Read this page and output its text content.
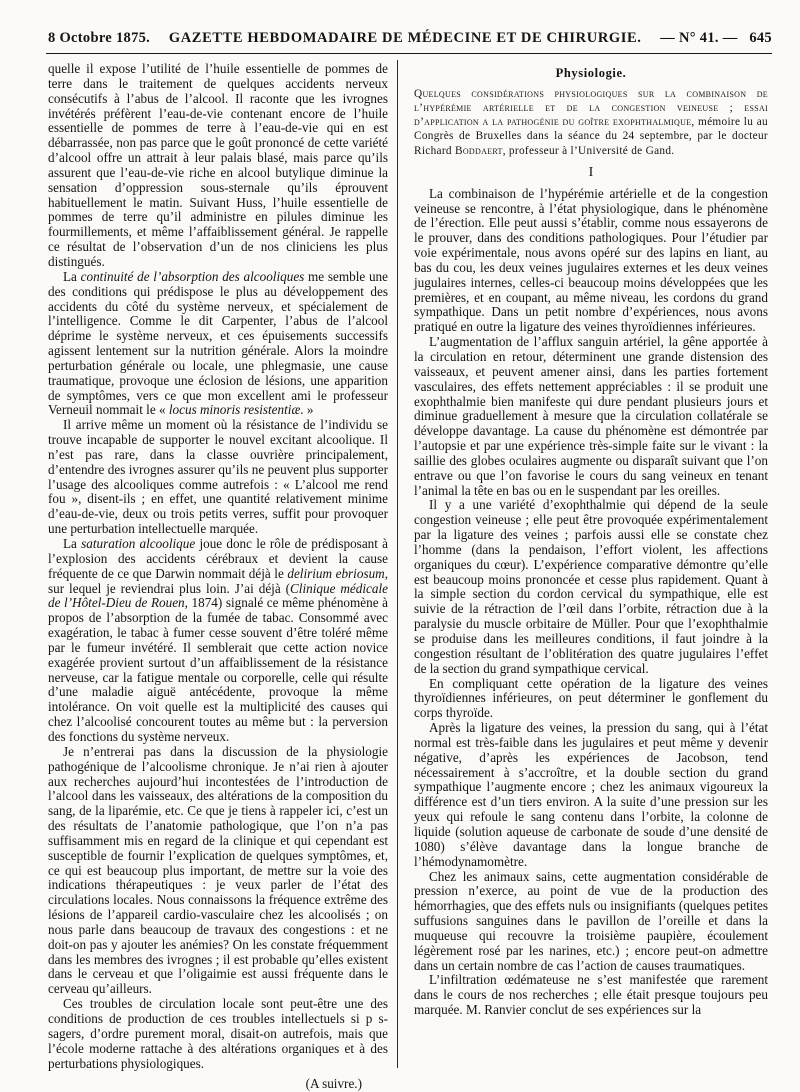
8 Octobre 1875. GAZETTE HEBDOMADAIRE DE MÉDECINE ET DE CHIRURGIE. — N° 41. — 645

quelle il expose l’utilité de l’huile essentielle de pommes de terre dans le traitement de quelques accidents nerveux consécutifs à l’abus de l’alcool. Il raconte que les ivrognes invétérés préfèrent l’eau-de-vie contenant encore de l’huile essentielle de pommes de terre à l’eau-de-vie qui en est débarrassée, non pas parce que le goût prononcé de cette variété d’alcool offre un attrait à leur palais blasé, mais parce qu’ils assurent que l’eau-de-vie riche en alcool butylique diminue la sensation d’oppression sous-sternale qu’ils éprouvent habituellement le matin. Suivant Huss, l’huile essentielle de pommes de terre qu’il administre en pilules diminue les fourmillements, et même l’affaiblissement général. Je rappelle ce résultat de l’observation d’un de nos cliniciens les plus distingués.

La continuité de l’absorption des alcooliques me semble une des conditions qui prédispose le plus au développement des accidents du côté du système nerveux, et spécialement de l’intelligence. Comme le dit Carpenter, l’abus de l’alcool déprime le système nerveux, et ces épuisements successifs agissent lentement sur la nutrition générale. Alors la moindre perturbation générale ou locale, une phlegmasie, une cause traumatique, provoque une éclosion de lésions, une apparition de symptômes, vers ce que mon excellent ami le professeur Verneuil nommait le « locus minoris resistentiæ. »

Il arrive même un moment où la résistance de l’individu se trouve incapable de supporter le nouvel excitant alcoolique. Il n’est pas rare, dans la classe ouvrière principalement, d’entendre des ivrognes assurer qu’ils ne peuvent plus supporter l’usage des alcooliques comme autrefois : « L’alcool me rend fou », disent-ils ; en effet, une quantité relativement minime d’eau-de-vie, deux ou trois petits verres, suffit pour provoquer une perturbation intellectuelle marquée.

La saturation alcoolique joue donc le rôle de prédisposant à l’explosion des accidents cérébraux et devient la cause fréquente de ce que Darwin nommait déjà le delirium ebriosum, sur lequel je reviendrai plus loin. J’ai déjà (Clinique médicale de l’Hôtel-Dieu de Rouen, 1874) signalé ce même phénomène à propos de l’absorption de la fumée de tabac. Consommé avec exagération, le tabac à fumer cesse souvent d’être toléré même par le fumeur invétéré. Il semblerait que cette action novice exagérée provient surtout d’un affaiblissement de la résistance nerveuse, car la fatigue mentale ou corporelle, celle qui résulte d’une maladie aiguë antécédente, provoque la même intolérance. On voit quelle est la multiplicité des causes qui chez l’alcoolisé concourent toutes au même but : la perversion des fonctions du système nerveux.

Je n’entrerai pas dans la discussion de la physiologie pathogénique de l’alcoolisme chronique. Je n’ai rien à ajouter aux recherches aujourd’hui incontestées de l’introduction de l’alcool dans les vaisseaux, des altérations de la composition du sang, de la liparémie, etc. Ce que je tiens à rappeler ici, c’est un des résultats de l’anatomie pathologique, que l’on n’a pas suffisamment mis en regard de la clinique et qui cependant est susceptible de fournir l’explication de quelques symptômes, et, ce qui est beaucoup plus important, de mettre sur la voie des indications thérapeutiques : je veux parler de l’état des circulations locales. Nous connaissons la fréquence extrême des lésions de l’appareil cardio-vasculaire chez les alcoolisés ; on nous parle dans beaucoup de travaux des congestions : et ne doit-on pas y ajouter les anémies? On les constate fréquemment dans les membres des ivrognes ; il est probable qu’elles existent dans le cerveau et que l’oligaimie est aussi fréquente dans le cerveau qu’ailleurs.

Ces troubles de circulation locale sont peut-être une des conditions de production de ces troubles intellectuels si p s-sagers, d’ordre purement moral, disait-on autrefois, mais que l’école moderne rattache à des altérations organiques et à des perturbations physiologiques.

(A suivre.)
Physiologie.
Quelques considérations physiologiques sur la combinaison de l’hypérémie artérielle et de la congestion veineuse ; essai d’application a la pathogénie du goître exophthalmique, mémoire lu au Congrès de Bruxelles dans la séance du 24 septembre, par le docteur Richard Boddaert, professeur à l’Université de Gand.
I

La combinaison de l’hypérémie artérielle et de la congestion veineuse se rencontre, à l’état physiologique, dans le phénomène de l’érection. Elle peut aussi s’établir, comme nous essayerons de le prouver, dans des conditions pathologiques. Pour l’étudier par voie expérimentale, nous avons opéré sur des lapins en liant, au bas du cou, les deux veines jugulaires externes et les deux veines jugulaires internes, celles-ci beaucoup moins développées que les premières, et en coupant, au même niveau, les cordons du grand sympathique. Dans un petit nombre d’expériences, nous avons pratiqué en outre la ligature des veines thyroïdiennes inférieures.

L’augmentation de l’afflux sanguin artériel, la gêne apportée à la circulation en retour, déterminent une grande distension des vaisseaux, et peuvent amener ainsi, dans les parties fortement vasculaires, des effets nettement appréciables : il se produit une exophthalmie bien manifeste qui dure pendant plusieurs jours et diminue graduellement à mesure que la circulation collatérale se développe davantage. La cause du phénomène est démontrée par l’autopsie et par une expérience très-simple faite sur le vivant : la saillie des globes oculaires augmente ou disparaît suivant que l’on entrave ou que l’on favorise le cours du sang veineux en tenant l’animal la tête en bas ou en le suspendant par les oreilles.

Il y a une variété d’exophthalmie qui dépend de la seule congestion veineuse ; elle peut être provoquée expérimentalement par la ligature des veines ; parfois aussi elle se constate chez l’homme (dans la pendaison, l’effort violent, les affections organiques du cœur). L’expérience comparative démontre qu’elle est beaucoup moins prononcée et cesse plus rapidement. Quant à la simple section du cordon cervical du sympathique, elle est suivie de la rétraction de l’œil dans l’orbite, rétraction due à la paralysie du muscle orbitaire de Müller. Pour que l’exophthalmie se produise dans les meilleures conditions, il faut joindre à la congestion résultant de l’oblitération des quatre jugulaires l’effet de la section du grand sympathique cervical.

En compliquant cette opération de la ligature des veines thyroïdiennes inférieures, on peut déterminer le gonflement du corps thyroïde.

Après la ligature des veines, la pression du sang, qui à l’état normal est très-faible dans les jugulaires et peut même y devenir négative, d’après les expériences de Jacobson, tend nécessairement à s’accroître, et la double section du grand sympathique l’augmente encore ; chez les animaux vigoureux la différence est d’un tiers environ. A la suite d’une pression sur les yeux qui refoule le sang contenu dans l’orbite, la colonne de liquide (solution aqueuse de carbonate de soude d’une densité de 1080) s’élève davantage dans la longue branche de l’hémodynamomètre.

Chez les animaux sains, cette augmentation considérable de pression n’exerce, au point de vue de la production des hémorrhagies, que des effets nuls ou insignifiants (quelques petites suffusions sanguines dans le pavillon de l’oreille et dans la muqueuse qui recouvre la troisième paupière, écoulement légèrement rosé par les narines, etc.) ; encore peut-on admettre dans un certain nombre de cas l’action de causes traumatiques.

L’infiltration œdémateuse ne s’est manifestée que rarement dans le cours de nos recherches ; elle était presque toujours peu marquée. M. Ranvier conclut de ses expériences sur la
